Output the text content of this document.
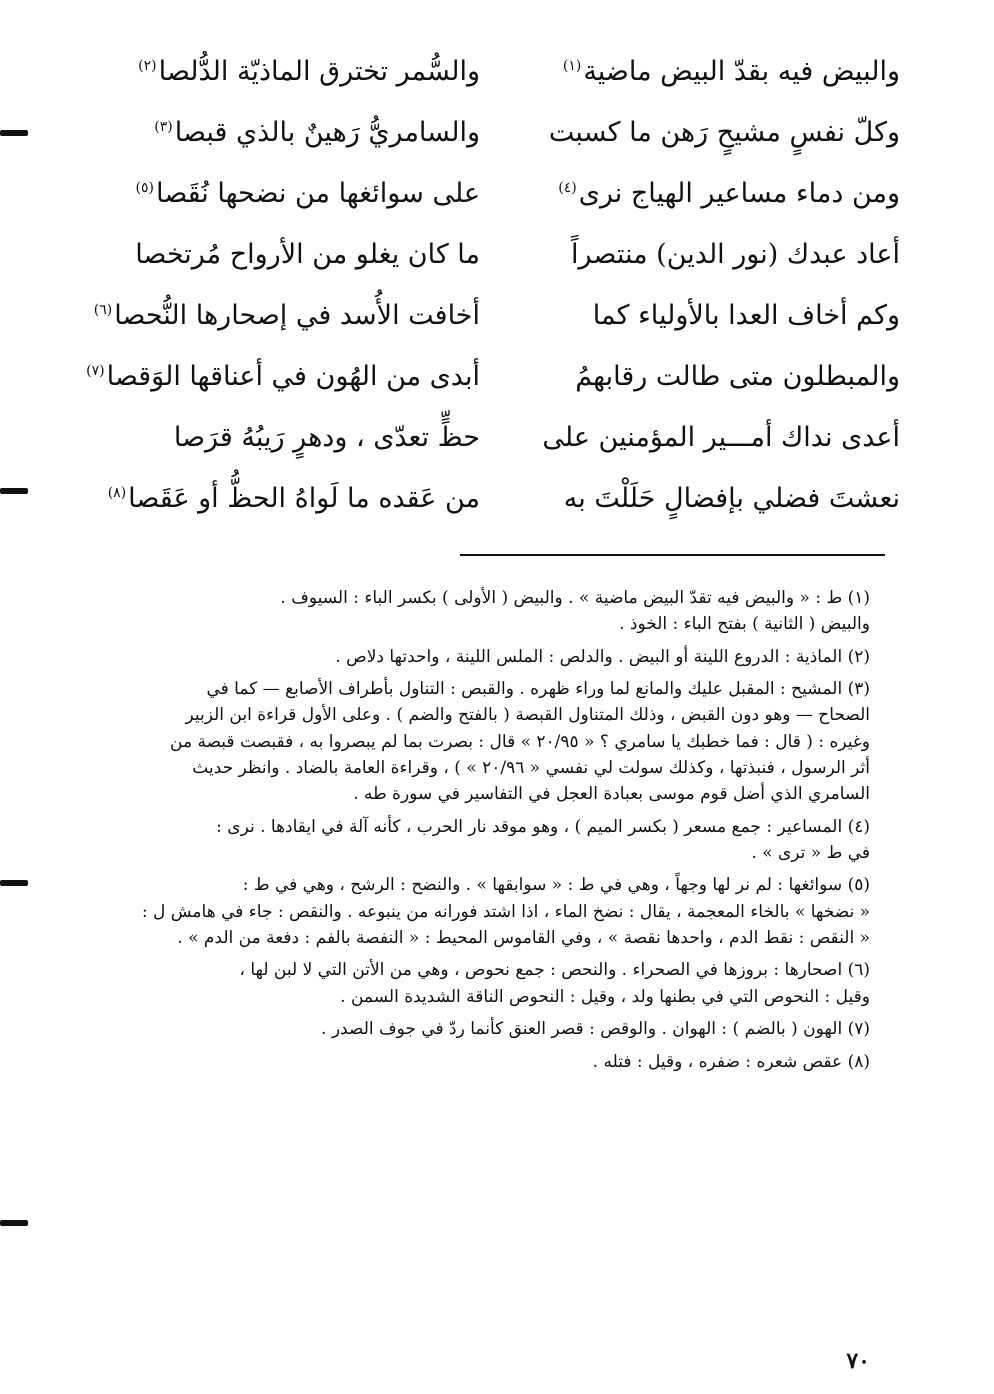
والبيض فيه بقدّ البيض ماضية$^{(١)}$
والسُّمر تخترق الماذيّة الدُّلصا$^{(٢)}$
وكلّ نفسٍ مشيحٍ رَهن ما كسبت
والسامريُّ رَهينٌ بالذي قبصا$^{(٣)}$
ومن دماء مساعير الهياج نرى$^{(٤)}$
على سوائغها من نضحها نُقَصا$^{(٥)}$
أعاد عبدك (نور الدين) منتصراً
ما كان يغلو من الأرواح مُرتخصا
وكم أخاف العدا بالأولياء كما
أخافت الأُسد في إصحارها النُّحصا$^{(٦)}$
والمبطلون متى طالت رقابهمُ
أبدى من الهُون في أعناقها الوَقصا$^{(٧)}$
أعدى نداك أمـــير المؤمنين على
حظٍّ تعدّى ، ودهرٍ رَيبُهُ قرَصا
نعشتَ فضلي بإفضالٍ حَلَلْتَ به
من عَقده ما لَواهُ الحظُّ أو عَقَصا$^{(٨)}$

(١) ط : « والبيض فيه تقدّ البيض ماضية » . والبيض ( الأولى ) بكسر الباء : السيوف .

والبيض ( الثانية ) بفتح الباء : الخوذ .

(٢) الماذية : الدروع اللينة أو البيض . والدلص : الملس اللينة ، واحدتها دلاص .

(٣) المشيح : المقبل عليك والمانع لما وراء ظهره . والقبص : التناول بأطراف الأصابع — كما في

الصحاح — وهو دون القبض ، وذلك المتناول القبصة ( بالفتح والضم ) . وعلى الأول قراءة ابن الزبير

وغيره : ( قال : فما خطبك يا سامري ؟ « ٢٠/٩٥ » قال : بصرت بما لم يبصروا به ، فقبصت قبصة من

أثر الرسول ، فنبذتها ، وكذلك سولت لي نفسي « ٢٠/٩٦ » ) ، وقراءة العامة بالضاد . وانظر حديث

السامري الذي أضل قوم موسى بعبادة العجل في التفاسير في سورة طه .

(٤) المساعير : جمع مسعر ( بكسر الميم ) ، وهو موقد نار الحرب ، كأنه آلة في ايقادها . نرى :

في ط « ترى » .

(٥) سوائغها : لم نر لها وجهاً ، وهي في ط : « سوابقها » . والنضح : الرشح ، وهي في ط :

« نضخها » بالخاء المعجمة ، يقال : نضخ الماء ، اذا اشتد فورانه من ينبوعه . والنقص : جاء في هامش ل :

« النقص : نقط الدم ، واحدها نقصة » ، وفي القاموس المحيط : « النفصة بالفم : دفعة من الدم » .

(٦) اصحارها : بروزها في الصحراء . والنحص : جمع نحوص ، وهي من الأتن التي لا لبن لها ،

وقيل : النحوص التي في بطنها ولد ، وقيل : النحوص الناقة الشديدة السمن .

(٧) الهون ( بالضم ) : الهوان . والوقص : قصر العنق كأنما ردّ في جوف الصدر .

(٨) عقص شعره : ضفره ، وقيل : فتله .

٧٠
